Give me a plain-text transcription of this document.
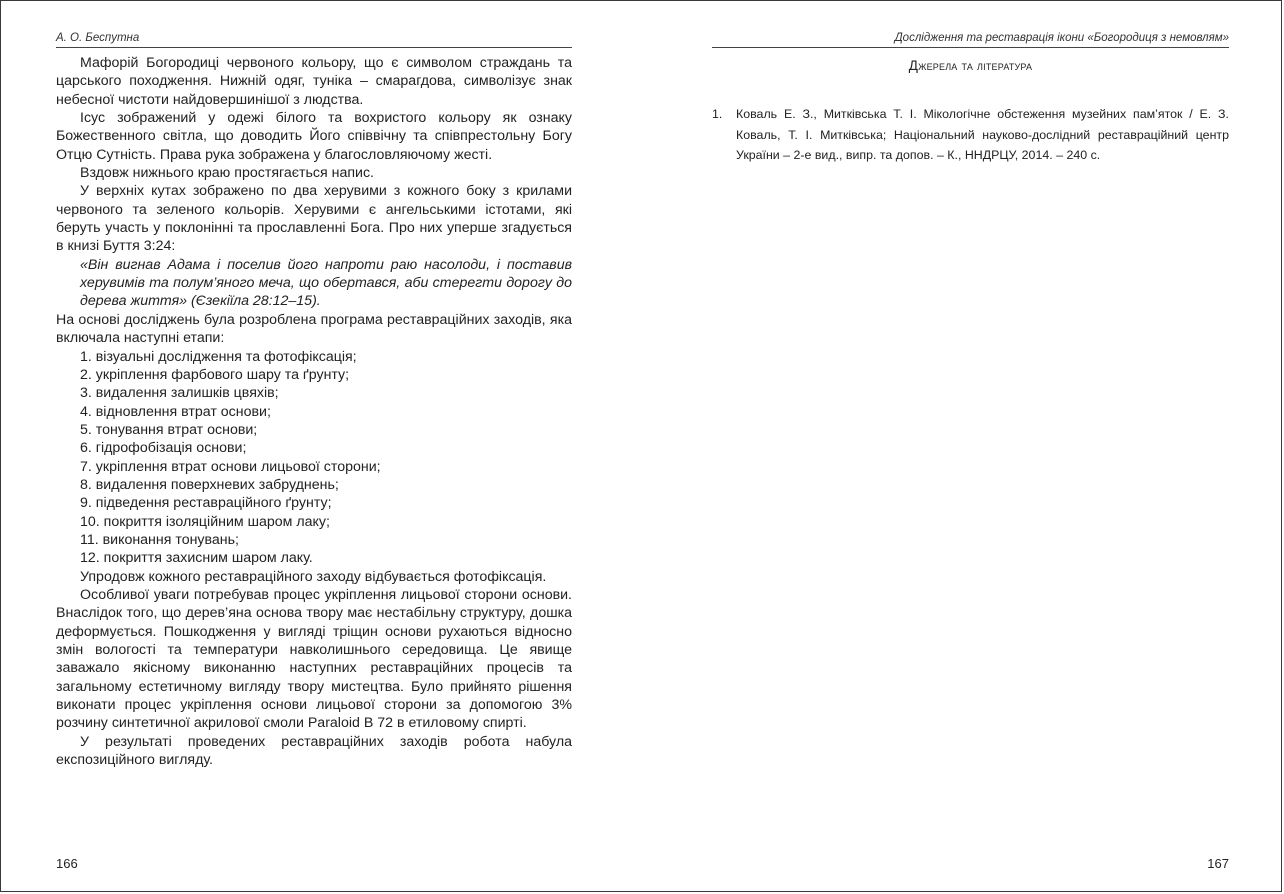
А. О. Беспутна

Мафорій Богородиці червоного кольору, що є символом страждань та царського походження. Нижній одяг, туніка – смарагдова, символізує знак небесної чистоти найдовершинішої з людства.

Ісус зображений у одежі білого та вохристого кольору як ознаку Божественного світла, що доводить Його співвічну та співпрестольну Богу Отцю Сутність. Права рука зображена у благословляючому жесті.

Вздовж нижнього краю простягається напис.

У верхніх кутах зображено по два херувими з кожного боку з крилами червоного та зеленого кольорів. Херувими є ангельськими істотами, які беруть участь у поклонінні та прославленні Бога. Про них уперше згадується в книзі Буття 3:24:

«Він вигнав Адама і поселив його напроти раю насолоди, і поставив херувимів та полум’яного меча, що обертався, аби стерегти дорогу до дерева життя» (Єзекіїла 28:12–15).

На основі досліджень була розроблена програма реставраційних заходів, яка включала наступні етапи:

1. візуальні дослідження та фотофіксація;
2. укріплення фарбового шару та ґрунту;
3. видалення залишків цвяхів;
4. відновлення втрат основи;
5. тонування втрат основи;
6. гідрофобізація основи;
7. укріплення втрат основи лицьової сторони;
8. видалення поверхневих забруднень;
9. підведення реставраційного ґрунту;
10. покриття ізоляційним шаром лаку;
11. виконання тонувань;
12. покриття захисним шаром лаку.

Упродовж кожного реставраційного заходу відбувається фотофіксація.

Особливої уваги потребував процес укріплення лицьової сторони основи. Внаслідок того, що дерев’яна основа твору має нестабільну структуру, дошка деформується. Пошкодження у вигляді тріщин основи рухаються відносно змін вологості та температури навколишнього середовища. Це явище заважало якісному виконанню наступних реставраційних процесів та загальному естетичному вигляду твору мистецтва. Було прийнято рішення виконати процес укріплення основи лицьової сторони за допомогою 3% розчину синтетичної акрилової смоли Paraloid B 72 в етиловому спирті.

У результаті проведених реставраційних заходів робота набула експозиційного вигляду.

166
Дослідження та реставрація ікони «Богородиця з немовлям»
Джерела та література
1. Коваль Е. З., Митківська Т. І. Мікологічне обстеження музейних пам’яток / Е. З. Коваль, Т. І. Митківська; Національний науково-дослідний реставраційний центр України – 2-е вид., випр. та допов. – К., ННДРЦУ, 2014. – 240 с.
167
